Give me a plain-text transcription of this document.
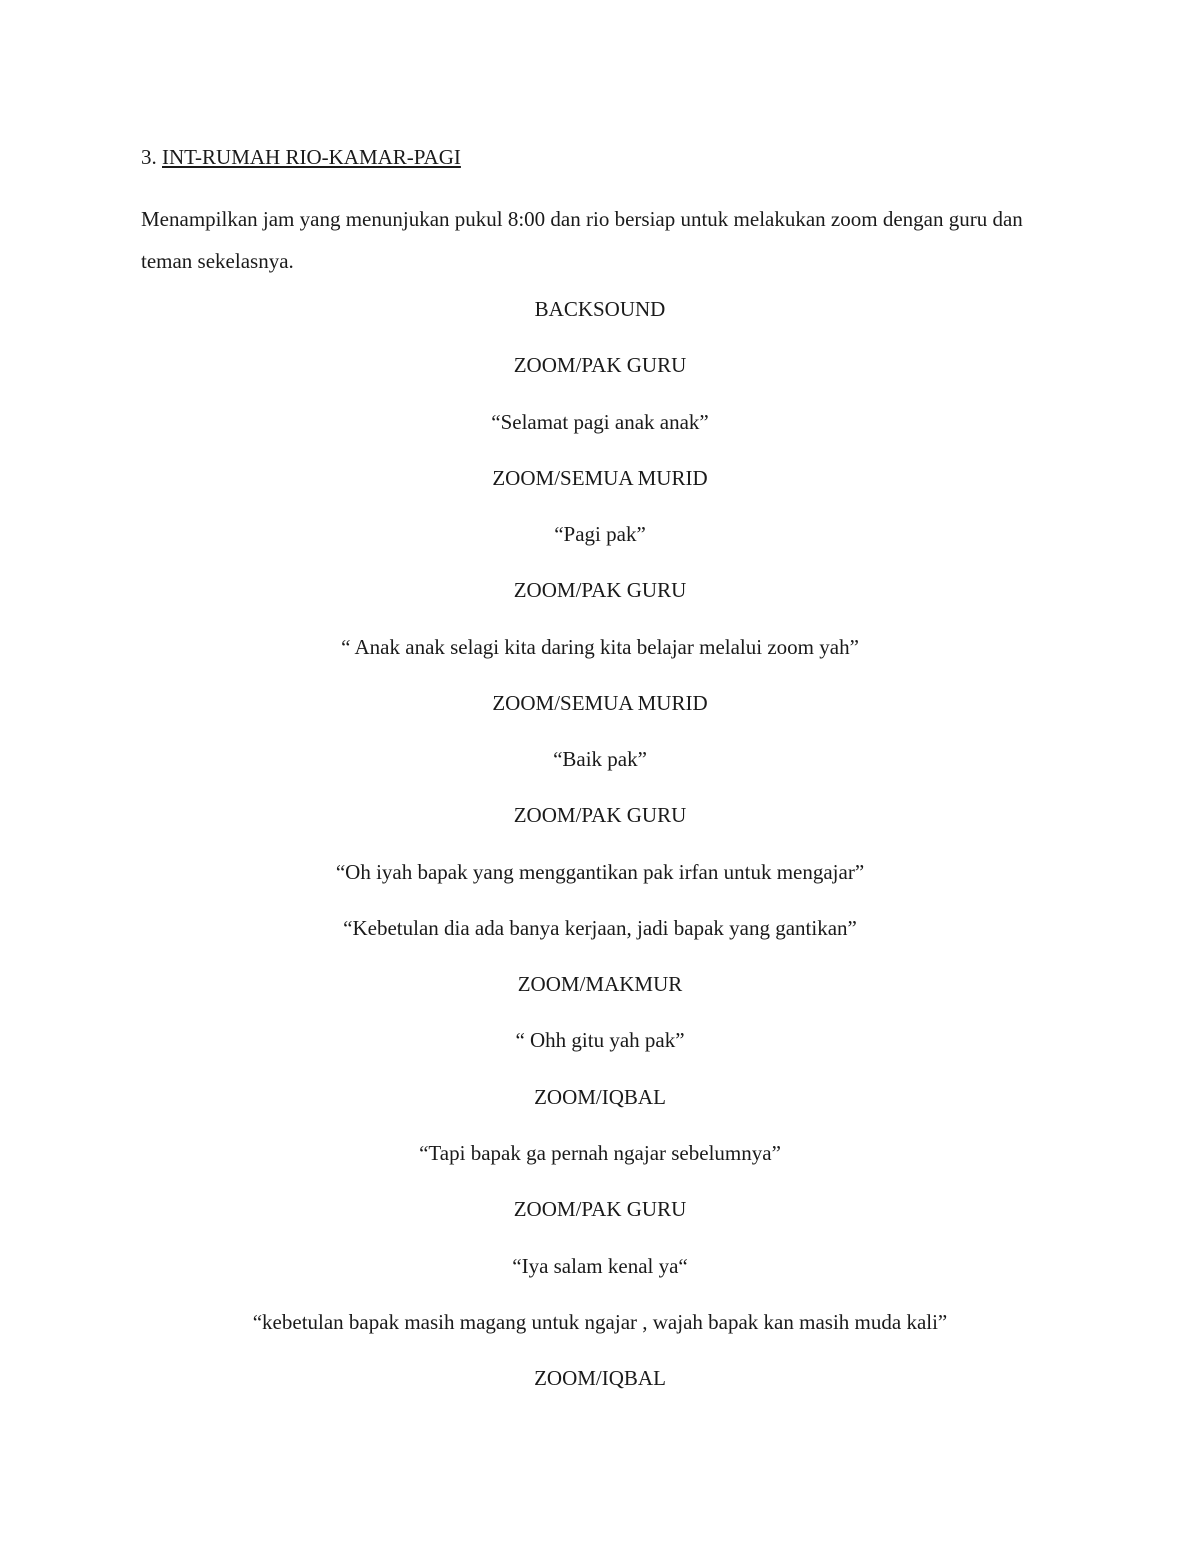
3. INT-RUMAH RIO-KAMAR-PAGI
Menampilkan jam yang menunjukan pukul 8:00 dan rio bersiap untuk melakukan zoom dengan guru dan teman sekelasnya.
BACKSOUND
ZOOM/PAK GURU
“Selamat pagi anak anak”
ZOOM/SEMUA MURID
“Pagi pak”
ZOOM/PAK GURU
“ Anak anak selagi kita daring kita belajar melalui zoom yah”
ZOOM/SEMUA MURID
“Baik pak”
ZOOM/PAK GURU
“Oh iyah bapak yang menggantikan pak irfan untuk mengajar”
“Kebetulan dia ada banya kerjaan, jadi bapak yang gantikan”
ZOOM/MAKMUR
“ Ohh gitu yah pak”
ZOOM/IQBAL
“Tapi bapak ga pernah ngajar sebelumnya”
ZOOM/PAK GURU
“Iya salam kenal ya“
“kebetulan bapak masih magang untuk ngajar , wajah bapak kan masih muda kali”
ZOOM/IQBAL
